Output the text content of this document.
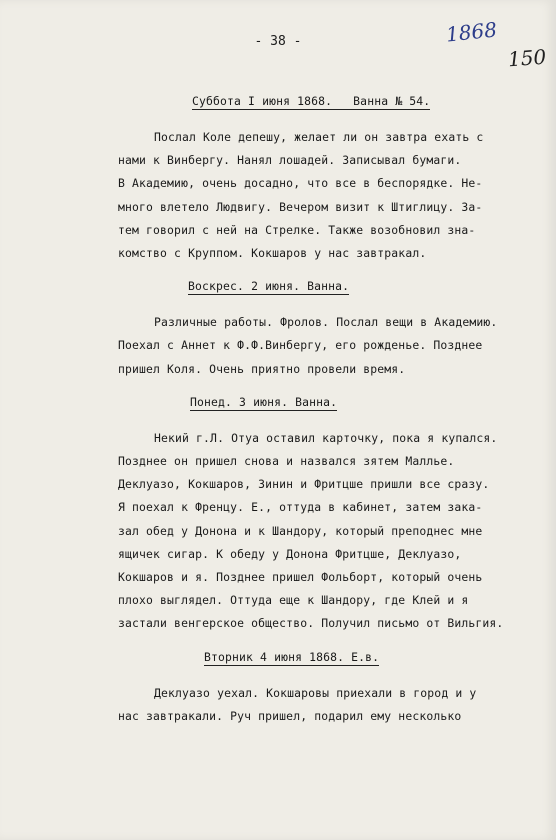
- 38 -	1868
150
Суббота I июня 1868.   Ванна № 54.
Послал Коле депешу, желает ли он завтра ехать с
нами к Винбергу. Нанял лошадей. Записывал бумаги.
В Академию, очень досадно, что все в беспорядке. Не-
много влетело Людвигу. Вечером визит к Штиглицу. За-
тем говорил с ней на Стрелке. Также возобновил зна-
комство с Круппом. Кокшаров у нас завтракал.
Воскрес. 2 июня. Ванна.
Различные работы. Фролов. Послал вещи в Академию.
Поехал с Аннет к Ф.Ф.Винбергу, его рожденье. Позднее
пришел Коля. Очень приятно провели время.
Понед. 3 июня. Ванна.
Некий г.Л. Отуа оставил карточку, пока я купался.
Позднее он пришел снова и назвался зятем Маллье.
Деклуазо, Кокшаров, Зинин и Фритцше пришли все сразу.
Я поехал к Френцу. Е., оттуда в кабинет, затем зака-
зал обед у Донона и к Шандору, который преподнес мне
ящичек сигар. К обеду у Донона Фритцше, Деклуазо,
Кокшаров и я. Позднее пришел Фольборт, который очень
плохо выглядел. Оттуда еще к Шандору, где Клей и я
застали венгерское общество. Получил письмо от Вильгия.
Вторник 4 июня 1868. Е.в.
Деклуазо уехал. Кокшаровы приехали в город и у
нас завтракали. Руч пришел, подарил ему несколько
